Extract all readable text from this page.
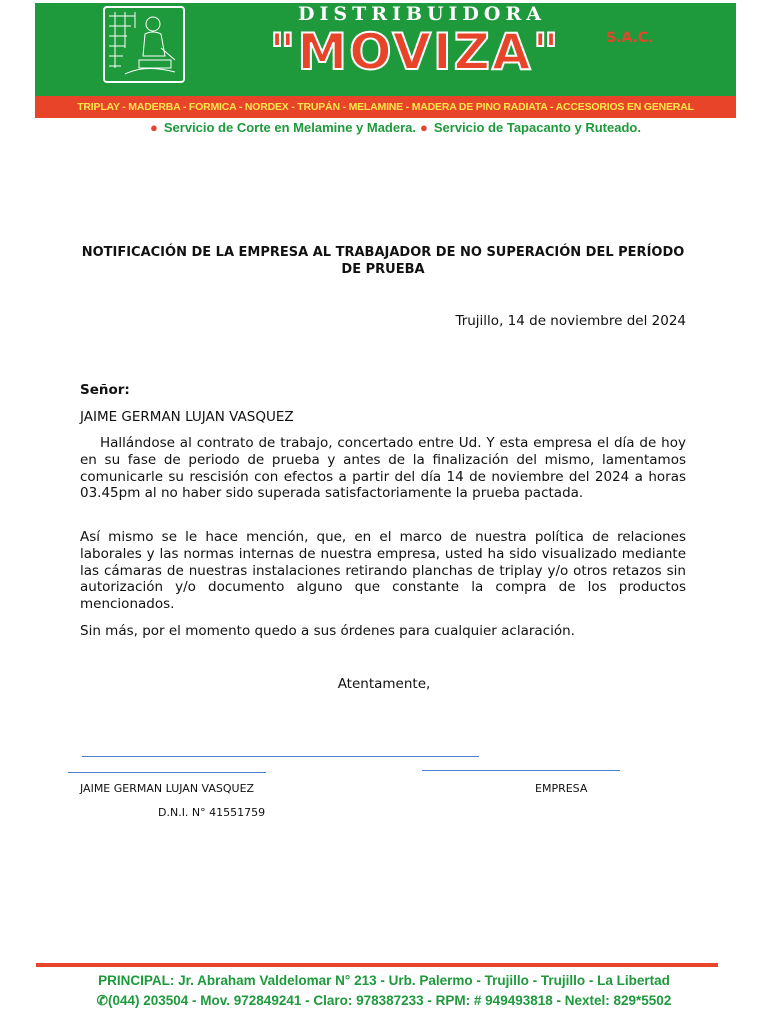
DISTRIBUIDORA
"MOVIZA"	S.A.C.
TRIPLAY - MADERBA - FORMICA - NORDEX - TRUPÁN - MELAMINE - MADERA DE PINO RADIATA - ACCESORIOS EN GENERAL
● Servicio de Corte en Melamine y Madera. ● Servicio de Tapacanto y Ruteado.
NOTIFICACIÓN DE LA EMPRESA AL TRABAJADOR DE NO SUPERACIÓN DEL PERÍODO DE PRUEBA
Trujillo, 14 de noviembre del 2024
Señor:
JAIME GERMAN LUJAN VASQUEZ
Hallándose al contrato de trabajo, concertado entre Ud. Y esta empresa el día de hoy en su fase de periodo de prueba y antes de la finalización del mismo, lamentamos comunicarle su rescisión con efectos a partir del día 14 de noviembre del 2024 a horas 03.45pm al no haber sido superada satisfactoriamente la prueba pactada.
Así mismo se le hace mención, que, en el marco de nuestra política de relaciones laborales y las normas internas de nuestra empresa, usted ha sido visualizado mediante las cámaras de nuestras instalaciones retirando planchas de triplay y/o otros retazos sin autorización y/o documento alguno que constante la compra de los productos mencionados.
Sin más, por el momento quedo a sus órdenes para cualquier aclaración.
Atentamente,
JAIME GERMAN LUJAN VASQUEZ	EMPRESA
D.N.I. N° 41551759
PRINCIPAL: Jr. Abraham Valdelomar N° 213 - Urb. Palermo - Trujillo - Trujillo - La Libertad
✆(044) 203504 - Mov. 972849241 - Claro: 978387233 - RPM: # 949493818 - Nextel: 829*5502
